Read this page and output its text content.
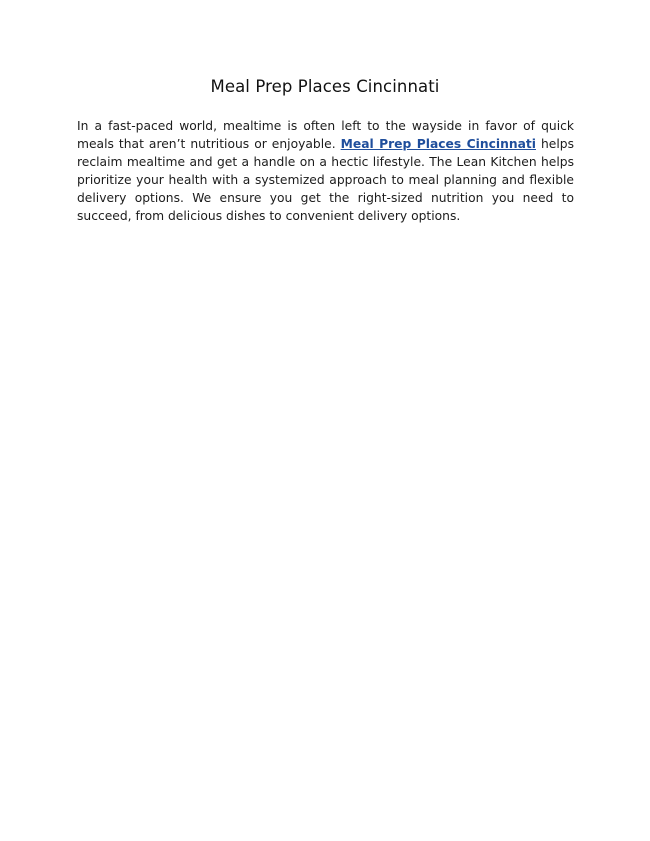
Meal Prep Places Cincinnati

In a fast-paced world, mealtime is often left to the wayside in favor of quick meals that aren’t nutritious or enjoyable. Meal Prep Places Cincinnati helps reclaim mealtime and get a handle on a hectic lifestyle. The Lean Kitchen helps prioritize your health with a systemized approach to meal planning and flexible delivery options. We ensure you get the right-sized nutrition you need to succeed, from delicious dishes to convenient delivery options.
